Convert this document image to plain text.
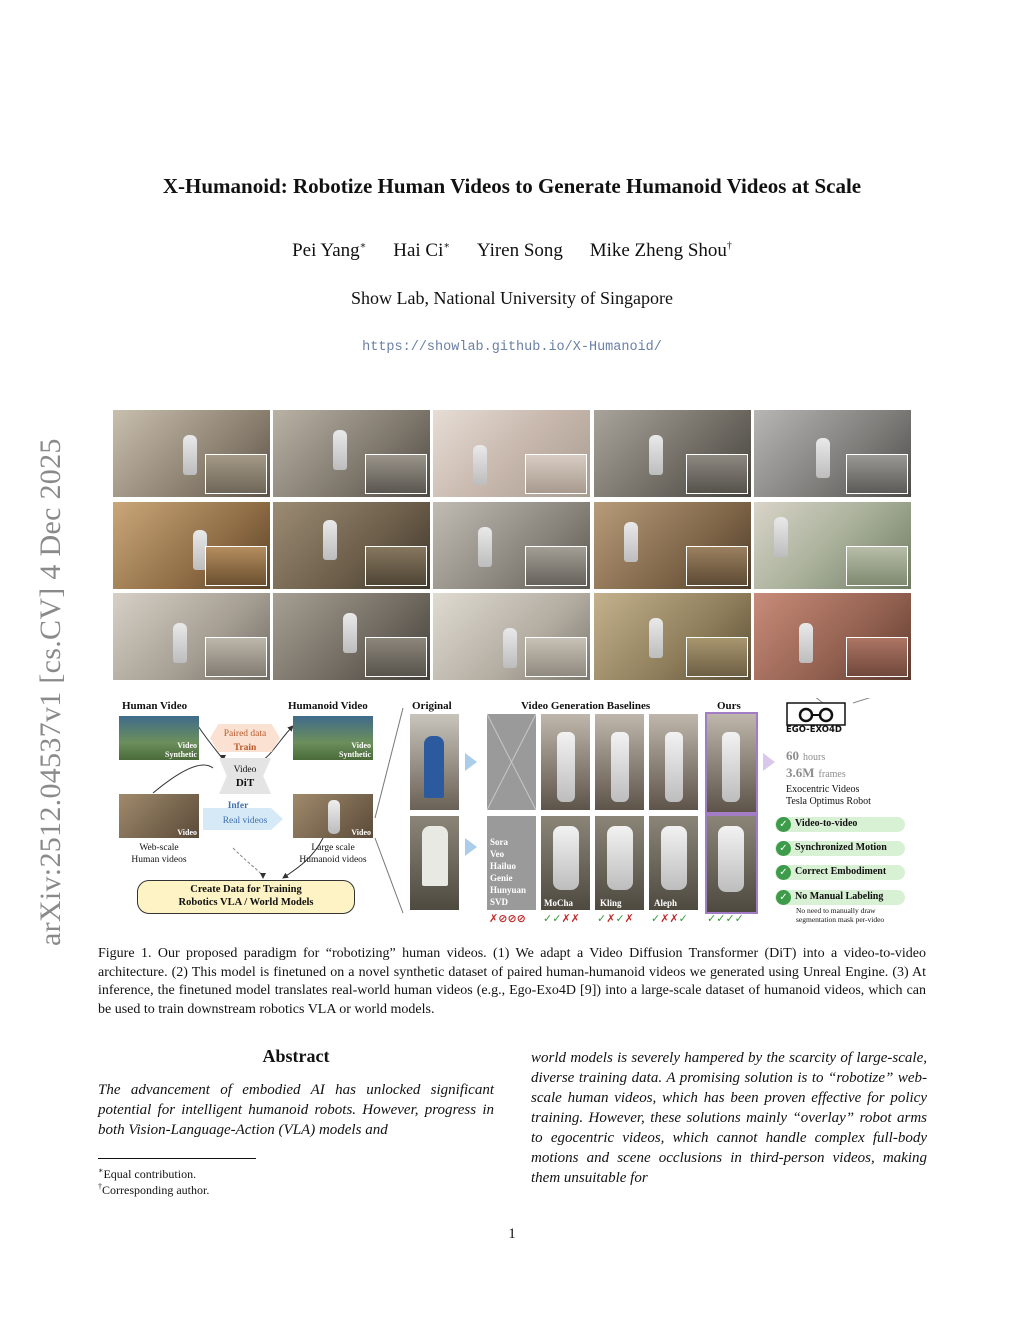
arXiv:2512.04537v1 [cs.CV] 4 Dec 2025
X-Humanoid: Robotize Human Videos to Generate Humanoid Videos at Scale
Pei Yang∗ Hai Ci∗ Yiren Song Mike Zheng Shou†
Show Lab, National University of Singapore
https://showlab.github.io/X-Humanoid/
Human Video	Humanoid Video
Video
Synthetic
Video
Synthetic
Paired data
Train
Video
DiT
Infer
Real videos
Video	Video
Web-scale
Human videos
Large scale
Humanoid videos
Create Data for Training
Robotics VLA / World Models
Original	Video Generation Baselines	Ours
Sora
Veo
Hailuo
Genie
Hunyuan
SVD	MoCha	Kling	Aleph
✗⊘⊘⊘ ✓✓✗✗ ✓✗✓✗ ✓✗✗✓ ✓✓✓✓
EGO-EXO4D
60 hours
3.6M frames
Exocentric Videos
Tesla Optimus Robot
✓ Video-to-video
✓ Synchronized Motion
✓ Correct Embodiment
✓ No Manual Labeling
No need to manually draw
segmentation mask per-video
Figure 1. Our proposed paradigm for “robotizing” human videos. (1) We adapt a Video Diffusion Transformer (DiT) into a video-to-video architecture. (2) This model is finetuned on a novel synthetic dataset of paired human-humanoid videos we generated using Unreal Engine. (3) At inference, the finetuned model translates real-world human videos (e.g., Ego-Exo4D [9]) into a large-scale dataset of humanoid videos, which can be used to train downstream robotics VLA or world models.
Abstract
The advancement of embodied AI has unlocked significant potential for intelligent humanoid robots. However, progress in both Vision-Language-Action (VLA) models and
world models is severely hampered by the scarcity of large-scale, diverse training data. A promising solution is to “robotize” web-scale human videos, which has been proven effective for policy training. However, these solutions mainly “overlay” robot arms to egocentric videos, which cannot handle complex full-body motions and scene occlusions in third-person videos, making them unsuitable for
∗Equal contribution.
†Corresponding author.
1
